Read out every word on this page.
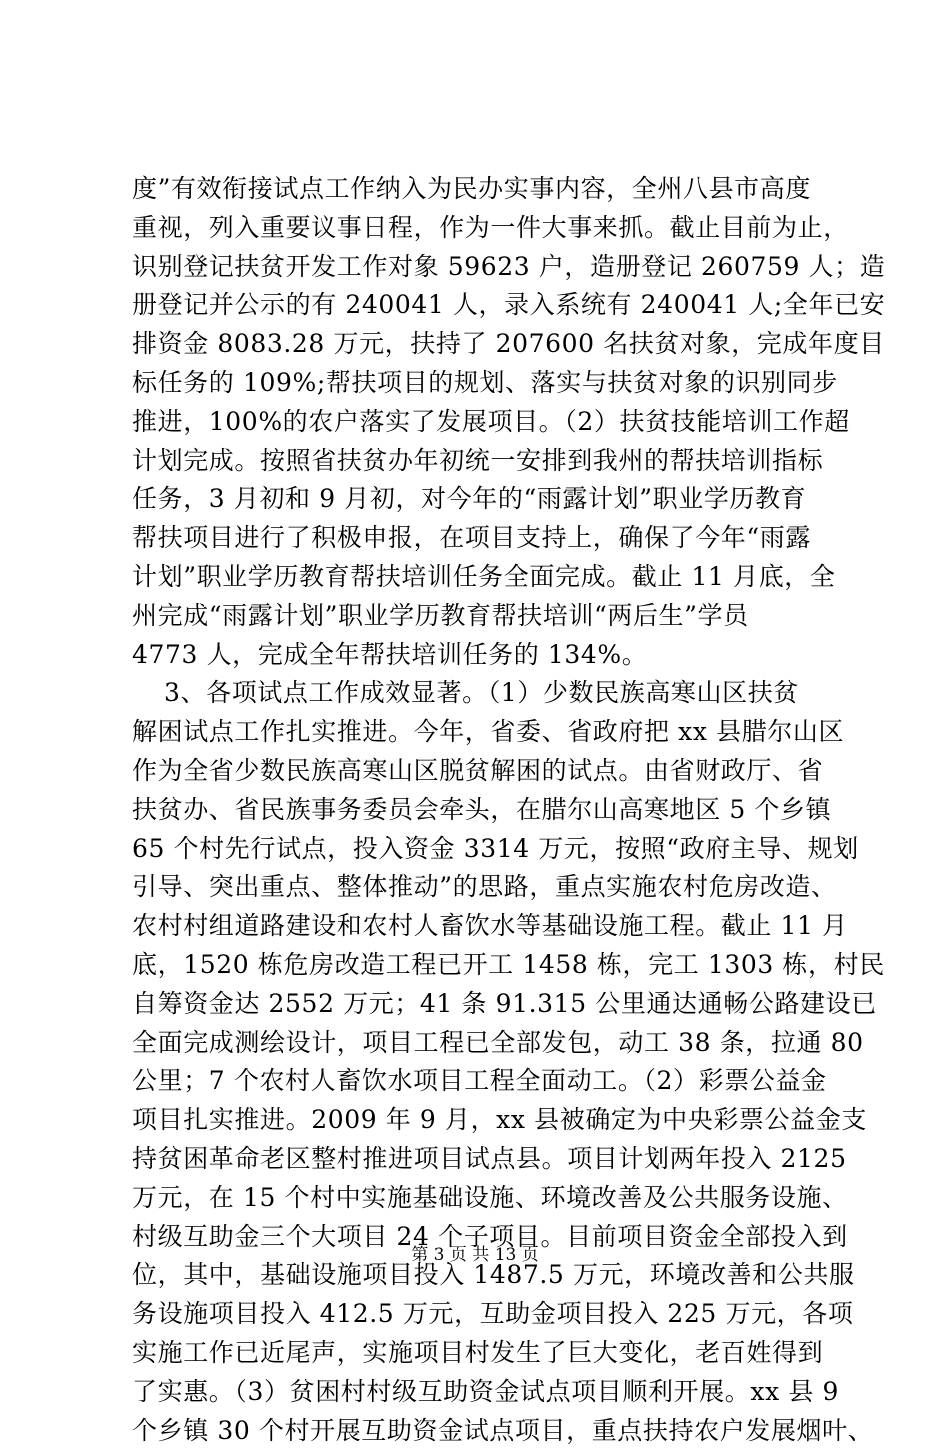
度”有效衔接试点工作纳入为民办实事内容，全州八县市高度
重视，列入重要议事日程，作为一件大事来抓。截止目前为止，
识别登记扶贫开发工作对象 59623 户，造册登记 260759 人；造
册登记并公示的有 240041 人，录入系统有 240041 人;全年已安
排资金 8083.28 万元，扶持了 207600 名扶贫对象，完成年度目
标任务的 109%;帮扶项目的规划、落实与扶贫对象的识别同步
推进，100%的农户落实了发展项目。（2）扶贫技能培训工作超
计划完成。按照省扶贫办年初统一安排到我州的帮扶培训指标
任务，3 月初和 9 月初，对今年的“雨露计划”职业学历教育
帮扶项目进行了积极申报，在项目支持上，确保了今年“雨露
计划”职业学历教育帮扶培训任务全面完成。截止 11 月底，全
州完成“雨露计划”职业学历教育帮扶培训“两后生”学员
4773 人，完成全年帮扶培训任务的 134%。
3、各项试点工作成效显著。（1）少数民族高寒山区扶贫
解困试点工作扎实推进。今年，省委、省政府把 xx 县腊尔山区
作为全省少数民族高寒山区脱贫解困的试点。由省财政厅、省
扶贫办、省民族事务委员会牵头，在腊尔山高寒地区 5 个乡镇
65 个村先行试点，投入资金 3314 万元，按照“政府主导、规划
引导、突出重点、整体推动”的思路，重点实施农村危房改造、
农村村组道路建设和农村人畜饮水等基础设施工程。截止 11 月
底，1520 栋危房改造工程已开工 1458 栋，完工 1303 栋，村民
自筹资金达 2552 万元；41 条 91.315 公里通达通畅公路建设已
全面完成测绘设计，项目工程已全部发包，动工 38 条，拉通 80
公里；7 个农村人畜饮水项目工程全面动工。（2）彩票公益金
项目扎实推进。2009 年 9 月，xx 县被确定为中央彩票公益金支
持贫困革命老区整村推进项目试点县。项目计划两年投入 2125
万元，在 15 个村中实施基础设施、环境改善及公共服务设施、
村级互助金三个大项目 24 个子项目。目前项目资金全部投入到
位，其中，基础设施项目投入 1487.5 万元，环境改善和公共服
务设施项目投入 412.5 万元，互助金项目投入 225 万元，各项
实施工作已近尾声，实施项目村发生了巨大变化，老百姓得到
了实惠。（3）贫困村村级互助资金试点项目顺利开展。xx 县 9
个乡镇 30 个村开展互助资金试点项目，重点扶持农户发展烟叶、
第 3 页 共 13 页
